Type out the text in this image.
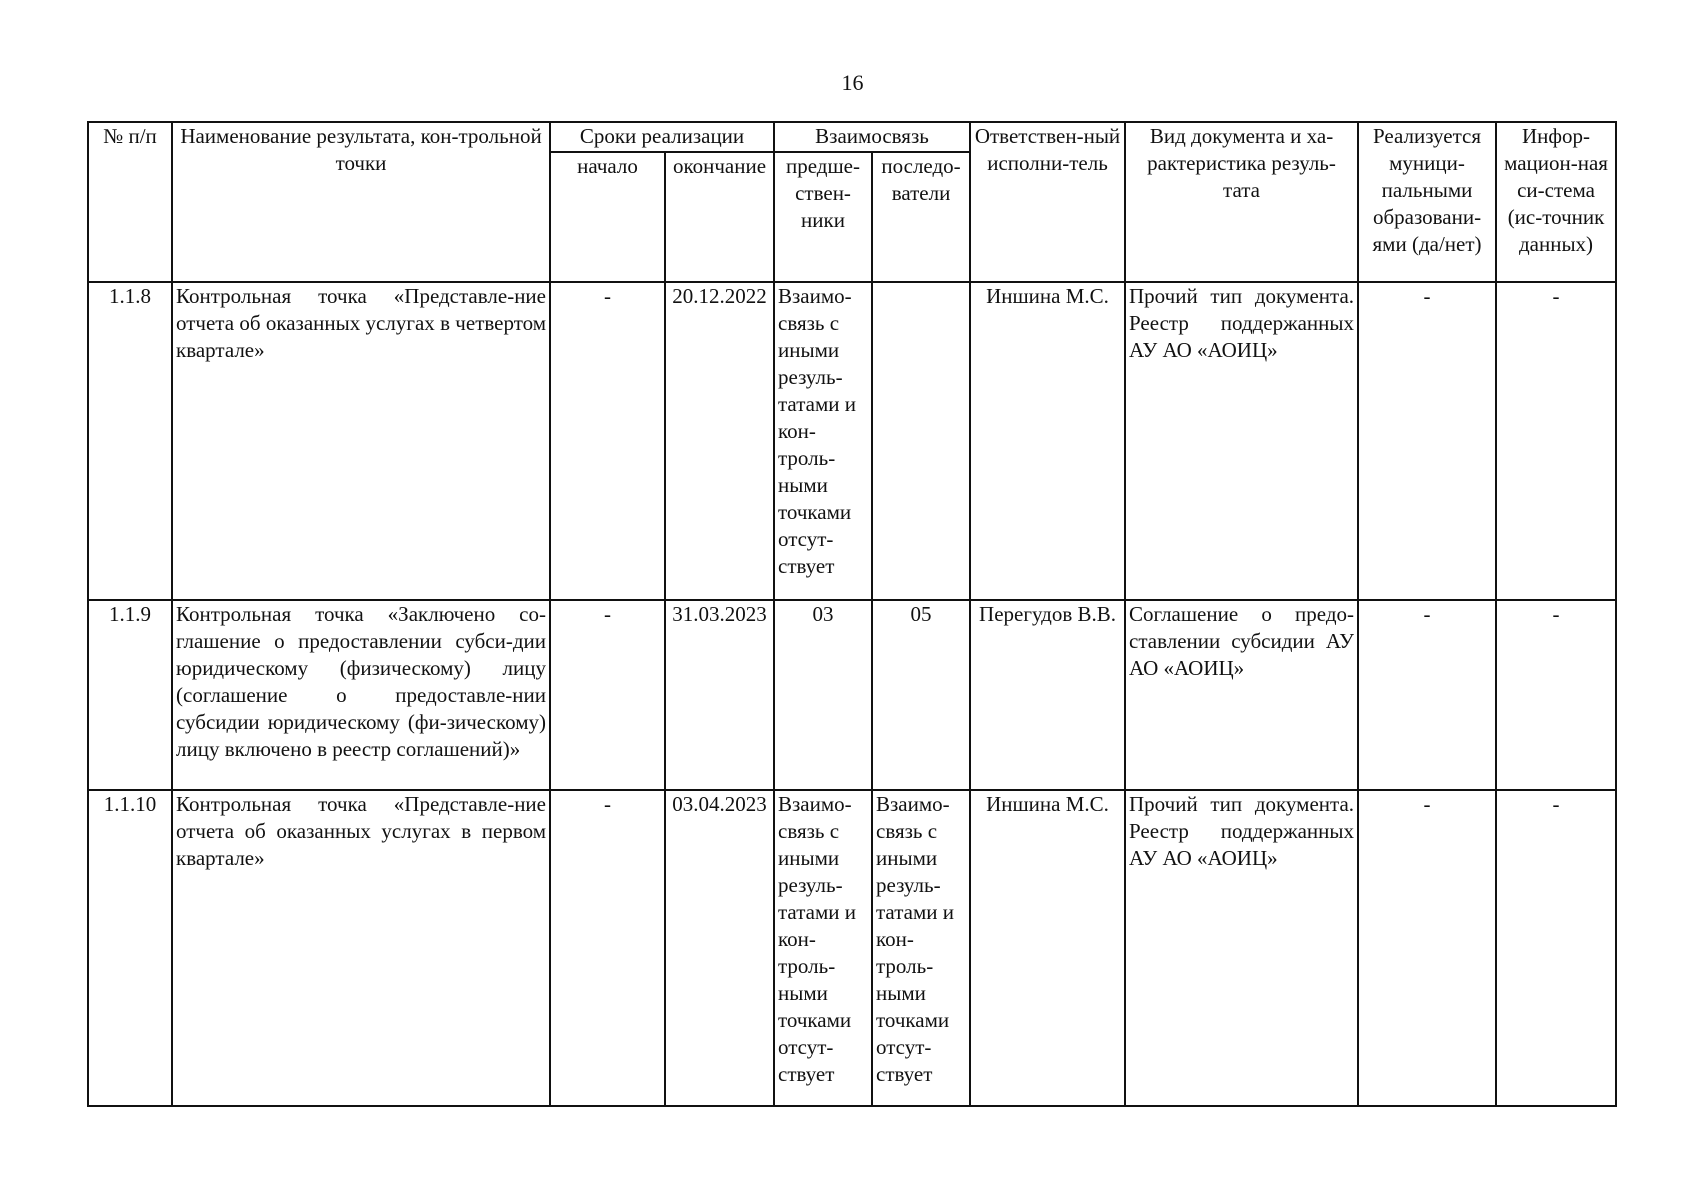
16
№ п/п	Наименование результата, кон-трольной точки	Сроки реализации		Взаимосвязь		Ответствен-ный исполни-тель	Вид документа и ха-рактеристика резуль-тата	Реализуется муници-пальными образовани-ями (да/нет)	Инфор-мацион-ная си-стема (ис-точник данных)
		начало	окончание	предше-ствен-ники	последо-ватели				
1.1.8	Контрольная точка «Представле-ние отчета об оказанных услугах в четвертом квартале»	-	20.12.2022	Взаимо-связь с иными резуль-татами и кон-троль-ными точками отсут-ствует		Иншина М.С.	Прочий тип документа. Реестр поддержанных АУ АО «АОИЦ»	-	-
1.1.9	Контрольная точка «Заключено со-глашение о предоставлении субси-дии юридическому (физическому) лицу (соглашение о предоставле-нии субсидии юридическому (фи-зическому) лицу включено в реестр соглашений)»	-	31.03.2023	03	05	Перегудов В.В.	Соглашение о предо-ставлении субсидии АУ АО «АОИЦ»	-	-
1.1.10	Контрольная точка «Представле-ние отчета об оказанных услугах в первом квартале»	-	03.04.2023	Взаимо-связь с иными резуль-татами и кон-троль-ными точками отсут-ствует	Взаимо-связь с иными резуль-татами и кон-троль-ными точками отсут-ствует	Иншина М.С.	Прочий тип документа. Реестр поддержанных АУ АО «АОИЦ»	-	-
